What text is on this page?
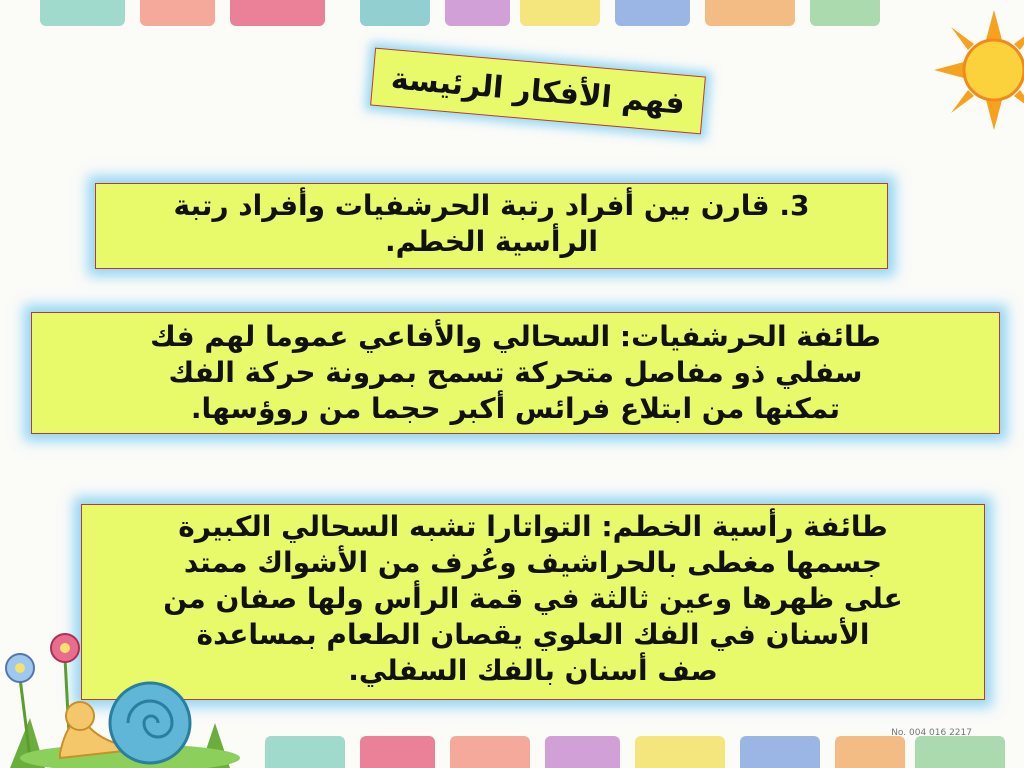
فهم الأفكار الرئيسة

3. قارن بين أفراد رتبة الحرشفيات وأفراد رتبة

الرأسية الخطم.

طائفة الحرشفيات: السحالي والأفاعي عموما لهم فك

سفلي ذو مفاصل متحركة تسمح بمرونة حركة الفك

تمكنها من ابتلاع فرائس أكبر حجما من روؤسها.

طائفة رأسية الخطم: التواتارا تشبه السحالي الكبيرة

جسمها مغطى بالحراشيف وعُرف من الأشواك ممتد

على ظهرها وعين ثالثة في قمة الرأس ولها صفان من

الأسنان في الفك العلوي يقصان الطعام بمساعدة

صف أسنان بالفك السفلي.

No. 004 016 2217
